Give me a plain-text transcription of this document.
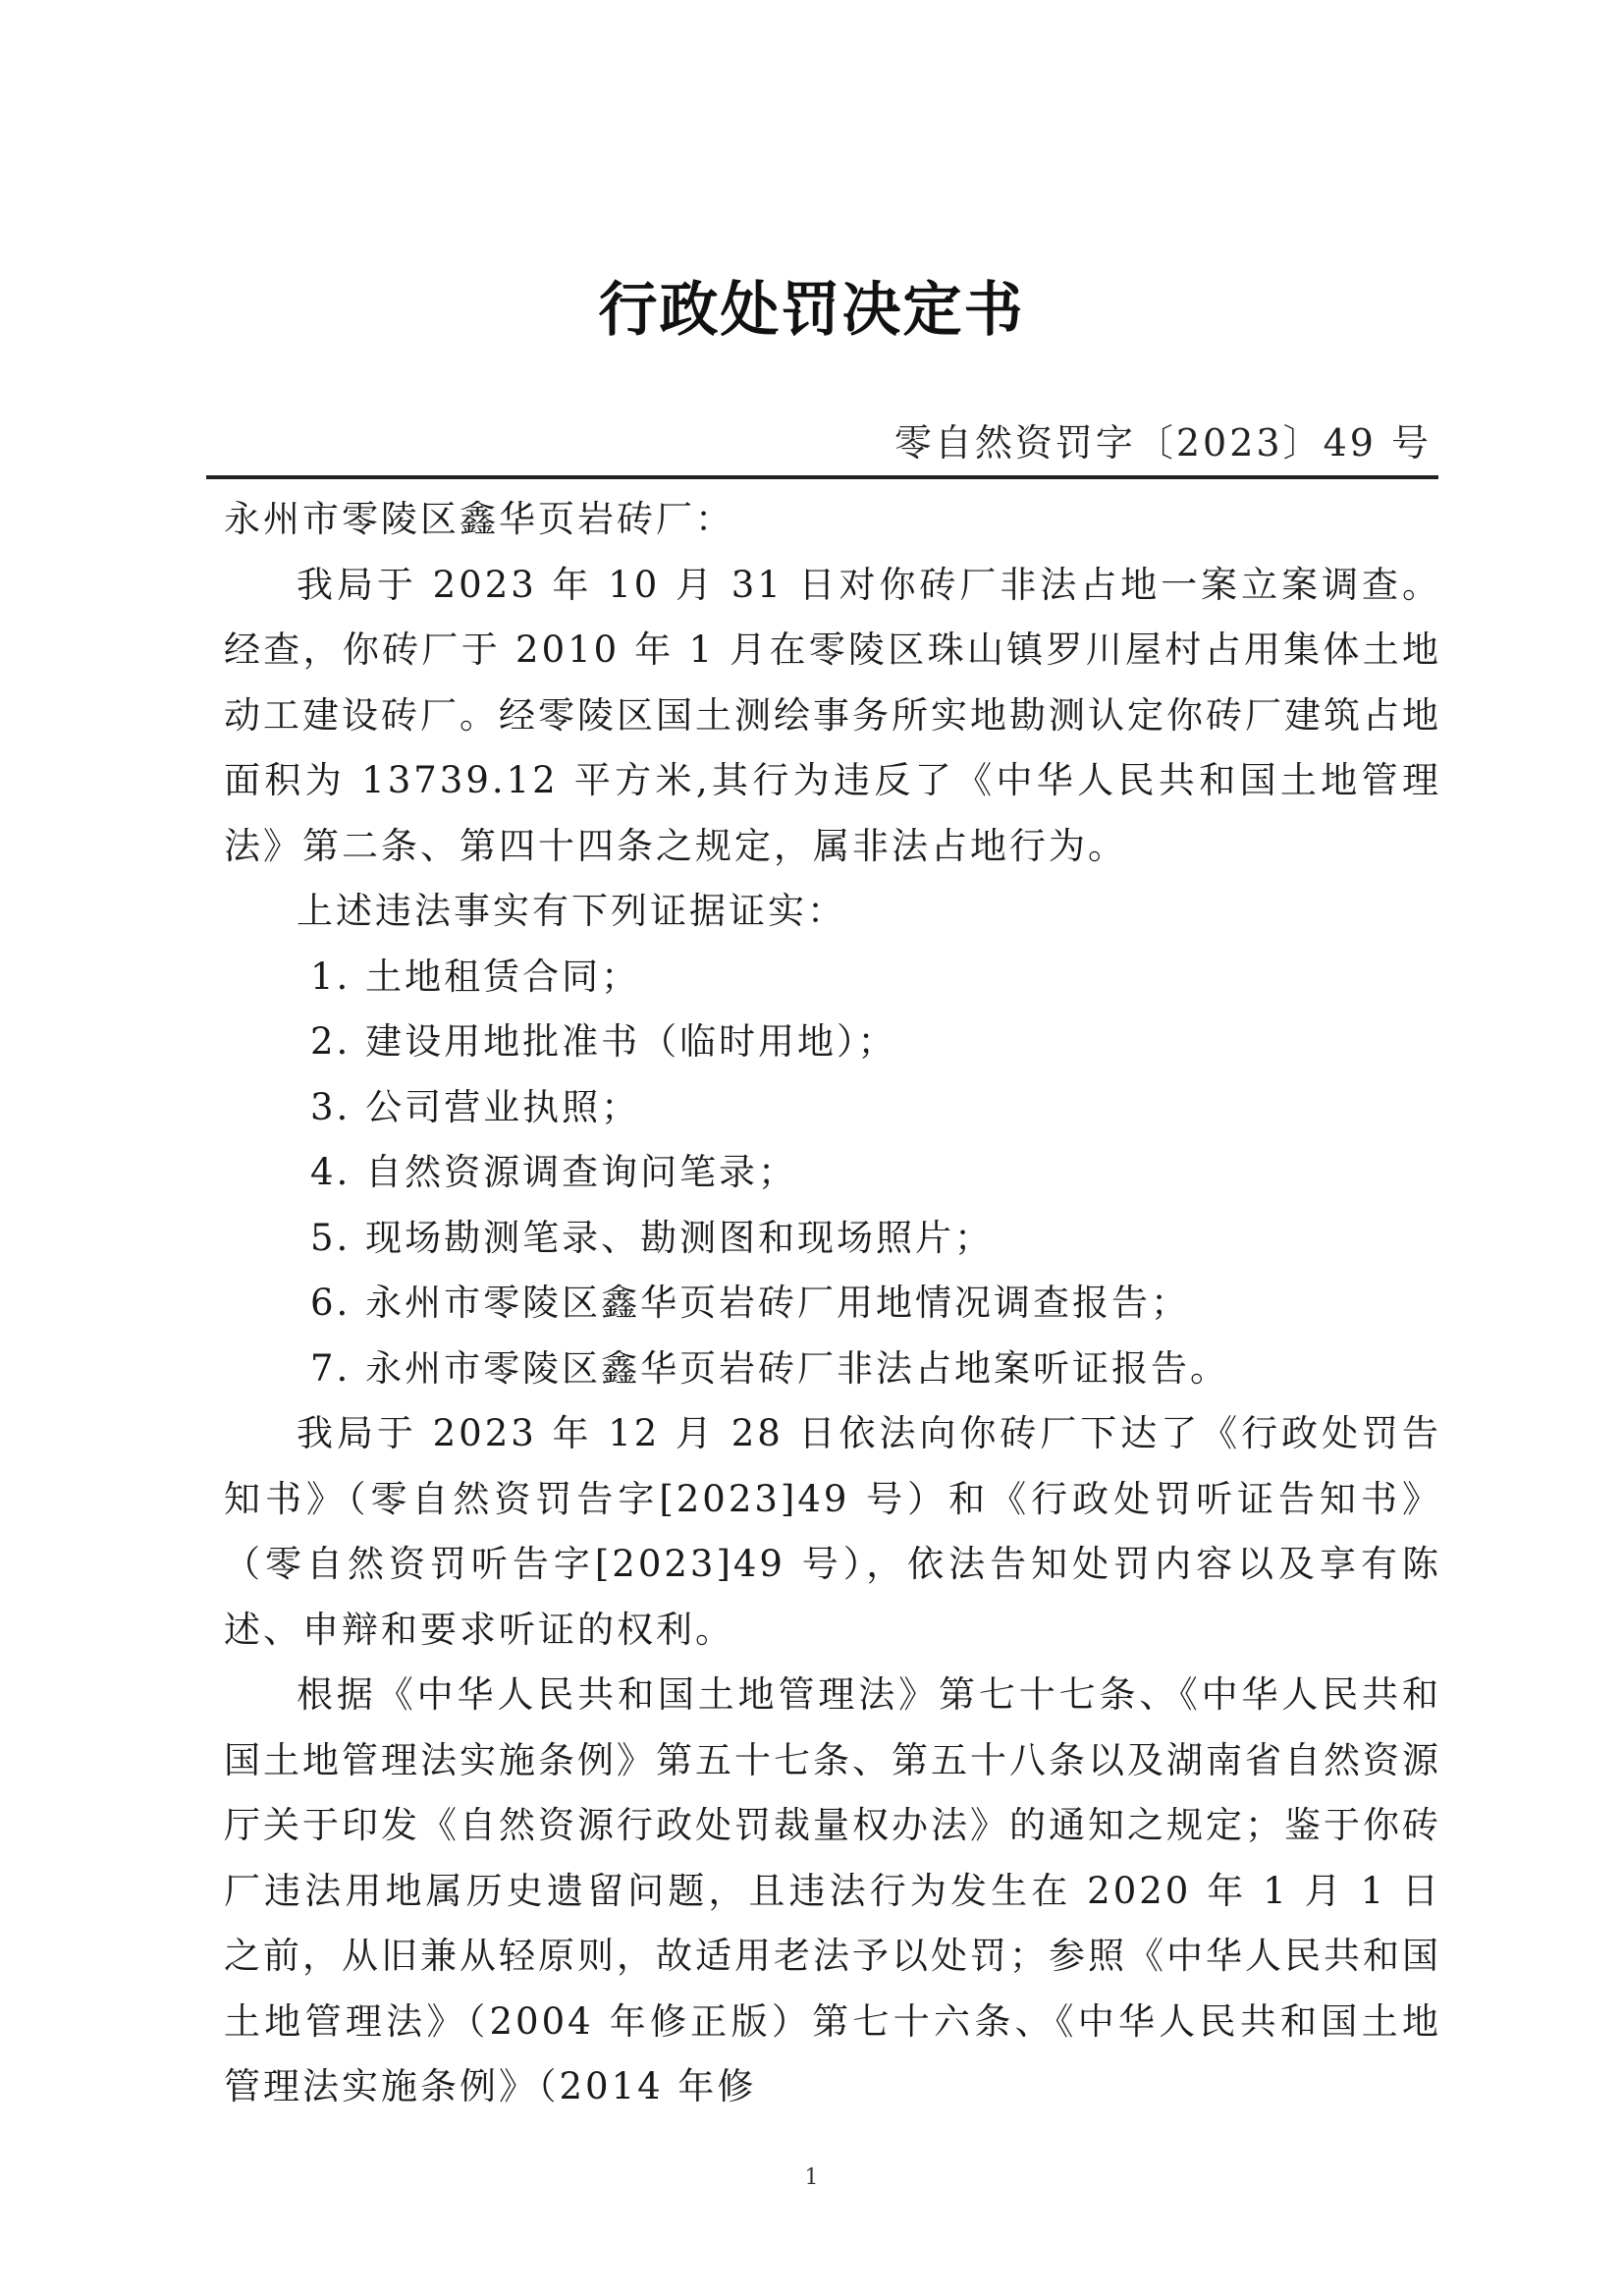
行政处罚决定书
零自然资罚字〔2023〕49 号

永州市零陵区鑫华页岩砖厂：

我局于 2023 年 10 月 31 日对你砖厂非法占地一案立案调查。经查，你砖厂于 2010 年 1 月在零陵区珠山镇罗川屋村占用集体土地动工建设砖厂。经零陵区国土测绘事务所实地勘测认定你砖厂建筑占地面积为 13739.12 平方米,其行为违反了《中华人民共和国土地管理法》第二条、第四十四条之规定，属非法占地行为。

上述违法事实有下列证据证实：

1. 土地租赁合同；
2. 建设用地批准书（临时用地）；
3. 公司营业执照；
4. 自然资源调查询问笔录；
5. 现场勘测笔录、勘测图和现场照片；
6. 永州市零陵区鑫华页岩砖厂用地情况调查报告；
7. 永州市零陵区鑫华页岩砖厂非法占地案听证报告。

我局于 2023 年 12 月 28 日依法向你砖厂下达了《行政处罚告知书》（零自然资罚告字[2023]49 号）和《行政处罚听证告知书》（零自然资罚听告字[2023]49 号），依法告知处罚内容以及享有陈述、申辩和要求听证的权利。

根据《中华人民共和国土地管理法》第七十七条、《中华人民共和国土地管理法实施条例》第五十七条、第五十八条以及湖南省自然资源厅关于印发《自然资源行政处罚裁量权办法》的通知之规定；鉴于你砖厂违法用地属历史遗留问题，且违法行为发生在 2020 年 1 月 1 日之前，从旧兼从轻原则，故适用老法予以处罚；参照《中华人民共和国土地管理法》（2004 年修正版）第七十六条、《中华人民共和国土地管理法实施条例》（2014 年修

1
